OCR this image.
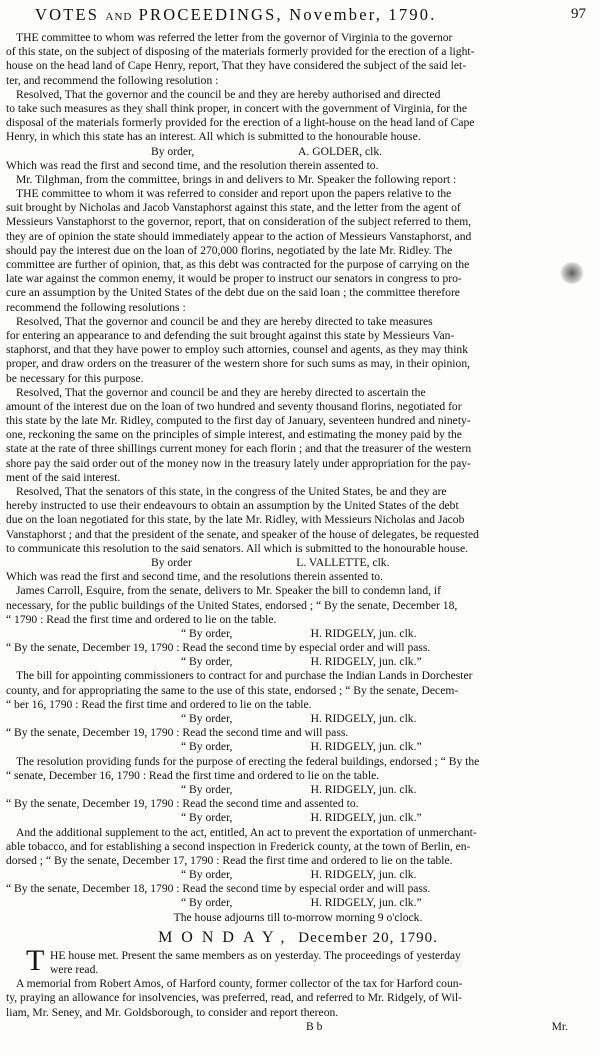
VOTES AND PROCEEDINGS, November, 1790.	97
THE committee to whom was referred the letter from the governor of Virginia to the governor
of this state, on the subject of disposing of the materials formerly provided for the erection of a light-
house on the head land of Cape Henry, report, That they have considered the subject of the said let-
ter, and recommend the following resolution :
Resolved, That the governor and the council be and they are hereby authorised and directed
to take such measures as they shall think proper, in concert with the government of Virginia, for the
disposal of the materials formerly provided for the erection of a light-house on the head land of Cape
Henry, in which this state has an interest. All which is submitted to the honourable house.
By order,                                    A. GOLDER, clk.
Which was read the first and second time, and the resolution therein assented to.
Mr. Tilghman, from the committee, brings in and delivers to Mr. Speaker the following report :
THE committee to whom it was referred to consider and report upon the papers relative to the
suit brought by Nicholas and Jacob Vanstaphorst against this state, and the letter from the agent of
Messieurs Vanstaphorst to the governor, report, that on consideration of the subject referred to them,
they are of opinion the state should immediately appear to the action of Messieurs Vanstaphorst, and
should pay the interest due on the loan of 270,000 florins, negotiated by the late Mr. Ridley. The
committee are further of opinion, that, as this debt was contracted for the purpose of carrying on the
late war against the common enemy, it would be proper to instruct our senators in congress to pro-
cure an assumption by the United States of the debt due on the said loan ; the committee therefore
recommend the following resolutions :
Resolved, That the governor and council be and they are hereby directed to take measures
for entering an appearance to and defending the suit brought against this state by Messieurs Van-
staphorst, and that they have power to employ such attornies, counsel and agents, as they may think
proper, and draw orders on the treasurer of the western shore for such sums as may, in their opinion,
be necessary for this purpose.
Resolved, That the governor and council be and they are hereby directed to ascertain the
amount of the interest due on the loan of two hundred and seventy thousand florins, negotiated for
this state by the late Mr. Ridley, computed to the first day of January, seventeen hundred and ninety-
one, reckoning the same on the principles of simple interest, and estimating the money paid by the
state at the rate of three shillings current money for each florin ; and that the treasurer of the western
shore pay the said order out of the money now in the treasury lately under appropriation for the pay-
ment of the said interest.
Resolved, That the senators of this state, in the congress of the United States, be and they are
hereby instructed to use their endeavours to obtain an assumption by the United States of the debt
due on the loan negotiated for this state, by the late Mr. Ridley, with Messieurs Nicholas and Jacob
Vanstaphorst ; and that the president of the senate, and speaker of the house of delegates, be requested
to communicate this resolution to the said senators. All which is submitted to the honourable house.
By order                                    L. VALLETTE, clk.
Which was read the first and second time, and the resolutions therein assented to.
James Carroll, Esquire, from the senate, delivers to Mr. Speaker the bill to condemn land, if
necessary, for the public buildings of the United States, endorsed ; “ By the senate, December 18,
“ 1790 : Read the first time and ordered to lie on the table.
“ By order,                           H. RIDGELY, jun. clk.
“ By the senate, December 19, 1790 : Read the second time by especial order and will pass.
“ By order,                           H. RIDGELY, jun. clk.”
The bill for appointing commissioners to contract for and purchase the Indian Lands in Dorchester
county, and for appropriating the same to the use of this state, endorsed ; “ By the senate, Decem-
“ ber 16, 1790 : Read the first time and ordered to lie on the table.
“ By order,                           H. RIDGELY, jun. clk.
“ By the senate, December 19, 1790 : Read the second time and will pass.
“ By order,                           H. RIDGELY, jun. clk.”
The resolution providing funds for the purpose of erecting the federal buildings, endorsed ; “ By the
“ senate, December 16, 1790 : Read the first time and ordered to lie on the table.
“ By order,                           H. RIDGELY, jun. clk.
“ By the senate, December 19, 1790 : Read the second time and assented to.
“ By order,                           H. RIDGELY, jun. clk.”
And the additional supplement to the act, entitled, An act to prevent the exportation of unmerchant-
able tobacco, and for establishing a second inspection in Frederick county, at the town of Berlin, en-
dorsed ; “ By the senate, December 17, 1790 : Read the first time and ordered to lie on the table.
“ By order,                           H. RIDGELY, jun. clk.
“ By the senate, December 18, 1790 : Read the second time by especial order and will pass.
“ By order,                           H. RIDGELY, jun. clk.”
The house adjourns till to-morrow morning 9 o'clock.
MONDAY, December 20, 1790.
T HE house met. Present the same members as on yesterday. The proceedings of yesterday
were read.
A memorial from Robert Amos, of Harford county, former collector of the tax for Harford coun-
ty, praying an allowance for insolvencies, was preferred, read, and referred to Mr. Ridgely, of Wil-
liam, Mr. Seney, and Mr. Goldsborough, to consider and report thereon.
B b	Mr.
